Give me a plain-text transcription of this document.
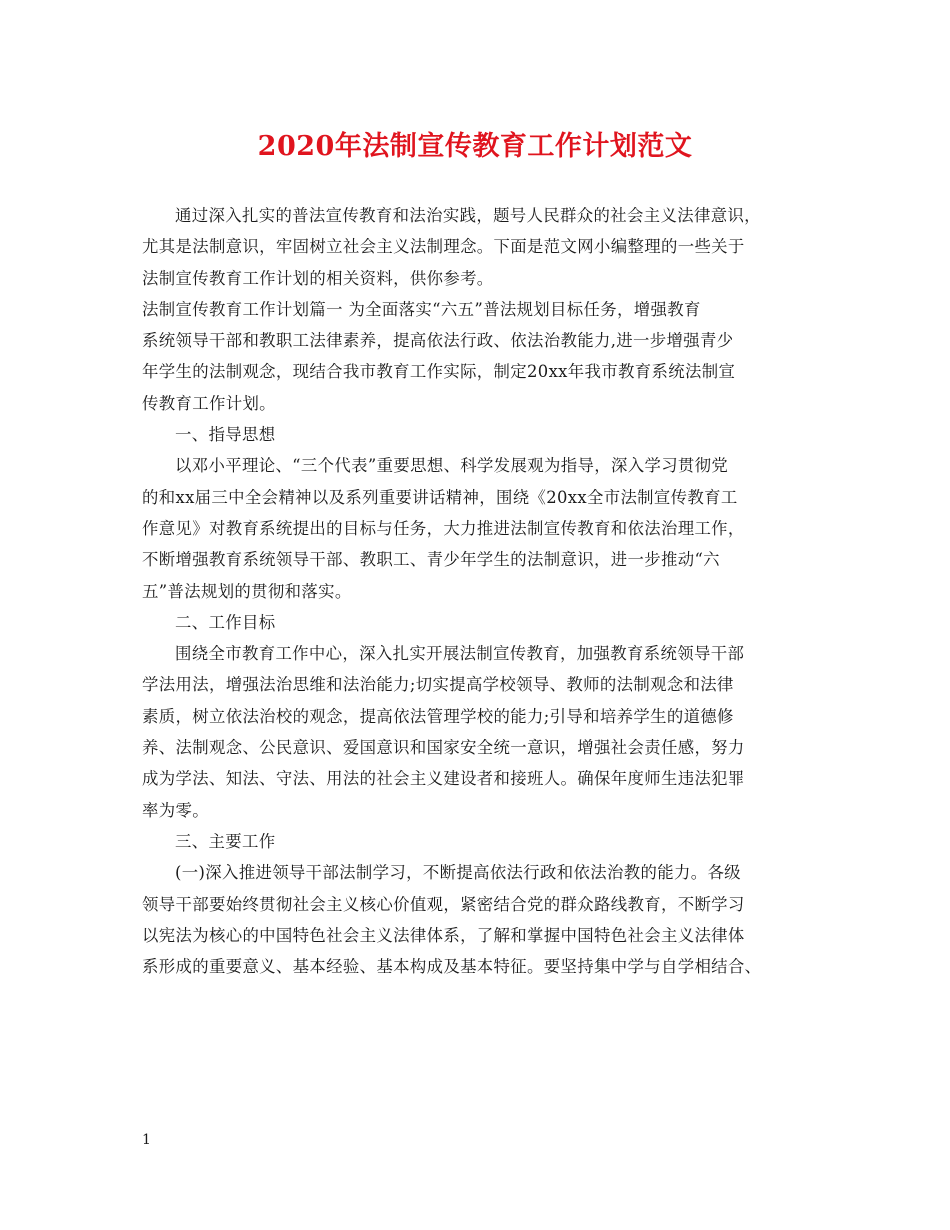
2020年法制宣传教育工作计划范文
通过深入扎实的普法宣传教育和法治实践，题号人民群众的社会主义法律意识，
尤其是法制意识，牢固树立社会主义法制理念。下面是范文网小编整理的一些关于
法制宣传教育工作计划的相关资料，供你参考。
法制宣传教育工作计划篇一 为全面落实“六五”普法规划目标任务，增强教育
系统领导干部和教职工法律素养，提高依法行政、依法治教能力,进一步增强青少
年学生的法制观念，现结合我市教育工作实际，制定20xx年我市教育系统法制宣
传教育工作计划。
一、指导思想
以邓小平理论、“三个代表”重要思想、科学发展观为指导，深入学习贯彻党
的和xx届三中全会精神以及系列重要讲话精神，围绕《20xx全市法制宣传教育工
作意见》对教育系统提出的目标与任务，大力推进法制宣传教育和依法治理工作，
不断增强教育系统领导干部、教职工、青少年学生的法制意识，进一步推动“六
五”普法规划的贯彻和落实。
二、工作目标
围绕全市教育工作中心，深入扎实开展法制宣传教育，加强教育系统领导干部
学法用法，增强法治思维和法治能力;切实提高学校领导、教师的法制观念和法律
素质，树立依法治校的观念，提高依法管理学校的能力;引导和培养学生的道德修
养、法制观念、公民意识、爱国意识和国家安全统一意识，增强社会责任感，努力
成为学法、知法、守法、用法的社会主义建设者和接班人。确保年度师生违法犯罪
率为零。
三、主要工作
(一)深入推进领导干部法制学习，不断提高依法行政和依法治教的能力。各级
领导干部要始终贯彻社会主义核心价值观，紧密结合党的群众路线教育，不断学习
以宪法为核心的中国特色社会主义法律体系，了解和掌握中国特色社会主义法律体
系形成的重要意义、基本经验、基本构成及基本特征。要坚持集中学与自学相结合、
1
